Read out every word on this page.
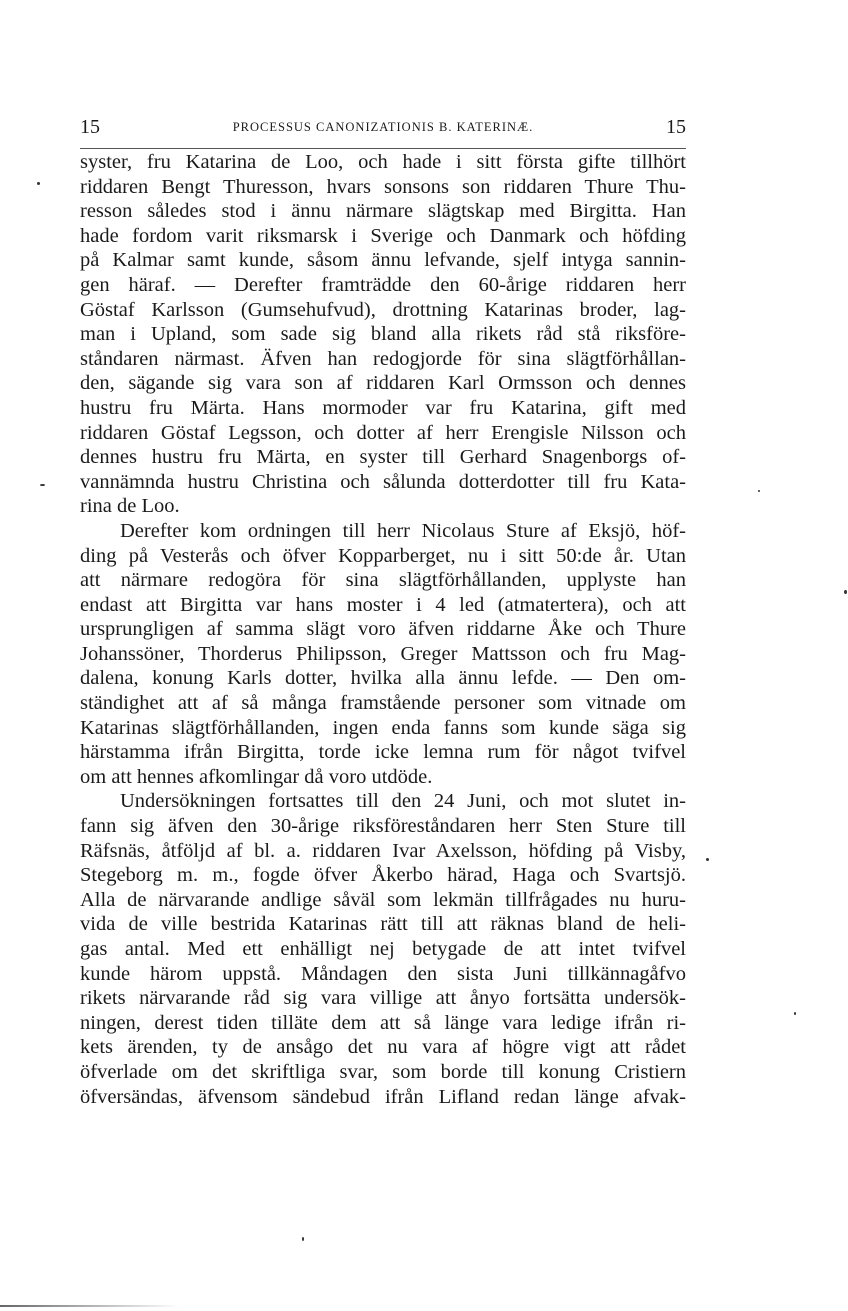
15	PROCESSUS CANONIZATIONIS B. KATERINÆ.	15
syster, fru Katarina de Loo, och hade i sitt första gifte tillhört
riddaren Bengt Thuresson, hvars sonsons son riddaren Thure Thu-
resson således stod i ännu närmare slägtskap med Birgitta. Han
hade fordom varit riksmarsk i Sverige och Danmark och höfding
på Kalmar samt kunde, såsom ännu lefvande, sjelf intyga sannin-
gen häraf. — Derefter framträdde den 60-årige riddaren herr
Göstaf Karlsson (Gumsehufvud), drottning Katarinas broder, lag-
man i Upland, som sade sig bland alla rikets råd stå riksföre-
ståndaren närmast. Äfven han redogjorde för sina slägtförhållan-
den, sägande sig vara son af riddaren Karl Ormsson och dennes
hustru fru Märta. Hans mormoder var fru Katarina, gift med
riddaren Göstaf Legsson, och dotter af herr Erengisle Nilsson och
dennes hustru fru Märta, en syster till Gerhard Snagenborgs of-
vannämnda hustru Christina och sålunda dotterdotter till fru Kata-
rina de Loo.
Derefter kom ordningen till herr Nicolaus Sture af Eksjö, höf-
ding på Vesterås och öfver Kopparberget, nu i sitt 50:de år. Utan
att närmare redogöra för sina slägtförhållanden, upplyste han
endast att Birgitta var hans moster i 4 led (atmatertera), och att
ursprungligen af samma slägt voro äfven riddarne Åke och Thure
Johanssöner, Thorderus Philipsson, Greger Mattsson och fru Mag-
dalena, konung Karls dotter, hvilka alla ännu lefde. — Den om-
ständighet att af så många framstående personer som vitnade om
Katarinas slägtförhållanden, ingen enda fanns som kunde säga sig
härstamma ifrån Birgitta, torde icke lemna rum för något tvifvel
om att hennes afkomlingar då voro utdöde.
Undersökningen fortsattes till den 24 Juni, och mot slutet in-
fann sig äfven den 30-årige riksföreståndaren herr Sten Sture till
Räfsnäs, åtföljd af bl. a. riddaren Ivar Axelsson, höfding på Visby,
Stegeborg m. m., fogde öfver Åkerbo härad, Haga och Svartsjö.
Alla de närvarande andlige såväl som lekmän tillfrågades nu huru-
vida de ville bestrida Katarinas rätt till att räknas bland de heli-
gas antal. Med ett enhälligt nej betygade de att intet tvifvel
kunde härom uppstå. Måndagen den sista Juni tillkännagåfvo
rikets närvarande råd sig vara villige att ånyo fortsätta undersök-
ningen, derest tiden tilläte dem att så länge vara ledige ifrån ri-
kets ärenden, ty de ansågo det nu vara af högre vigt att rådet
öfverlade om det skriftliga svar, som borde till konung Cristiern
öfversändas, äfvensom sändebud ifrån Lifland redan länge afvak-
